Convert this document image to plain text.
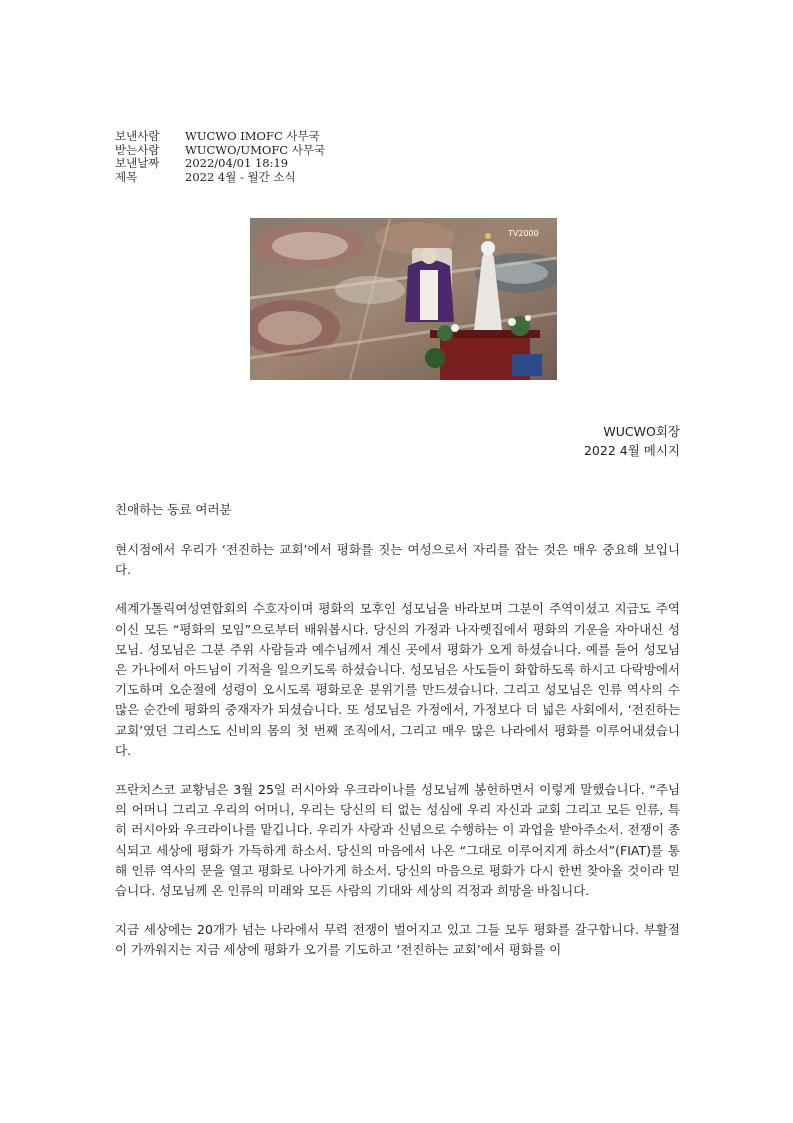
보낸사람	WUCWO IMOFC 사무국
받는사람	WUCWO/UMOFC 사무국
보낸날짜	2022/04/01 18:19
제목	2022 4월 - 월간 소식
TV2000
WUCWO회장
2022 4월 메시지
친애하는 동료 여러분

현시점에서 우리가 ‘전진하는 교회’에서 평화를 짓는 여성으로서 자리를 잡는 것은 매우 중요해 보입니다.

세계가톨릭여성연합회의 수호자이며 평화의 모후인 성모님을 바라보며 그분이 주역이셨고 지금도 주역이신 모든 “평화의 모임”으로부터 배워봅시다. 당신의 가정과 나자렛집에서 평화의 기운을 자아내신 성모님. 성모님은 그분 주위 사람들과 예수님께서 계신 곳에서 평화가 오게 하셨습니다. 예를 들어 성모님은 가나에서 아드님이 기적을 일으키도록 하셨습니다. 성모님은 사도들이 화합하도록 하시고 다락방에서 기도하며 오순절에 성령이 오시도록 평화로운 분위기를 만드셨습니다. 그리고 성모님은 인류 역사의 수많은 순간에 평화의 중재자가 되셨습니다. 또 성모님은 가정에서, 가정보다 더 넓은 사회에서, ‘전진하는 교회’였던 그리스도 신비의 몸의 첫 번째 조직에서, 그리고 매우 많은 나라에서 평화를 이루어내셨습니다.

프란치스코 교황님은 3월 25일 러시아와 우크라이나를 성모님께 봉헌하면서 이렇게 말했습니다. “주님의 어머니 그리고 우리의 어머니, 우리는 당신의 티 없는 성심에 우리 자신과 교회 그리고 모든 인류, 특히 러시아와 우크라이나를 맡깁니다. 우리가 사랑과 신념으로 수행하는 이 과업을 받아주소서. 전쟁이 종식되고 세상에 평화가 가득하게 하소서. 당신의 마음에서 나온 “그대로 이루어지게 하소서”(FIAT)를 통해 인류 역사의 문을 열고 평화로 나아가게 하소서. 당신의 마음으로 평화가 다시 한번 찾아올 것이라 믿습니다. 성모님께 온 인류의 미래와 모든 사람의 기대와 세상의 걱정과 희망을 바칩니다.

지금 세상에는 20개가 넘는 나라에서 무력 전쟁이 벌어지고 있고 그들 모두 평화를 갈구합니다. 부활절이 가까워지는 지금 세상에 평화가 오기를 기도하고 ‘전진하는 교회’에서 평화를 이
